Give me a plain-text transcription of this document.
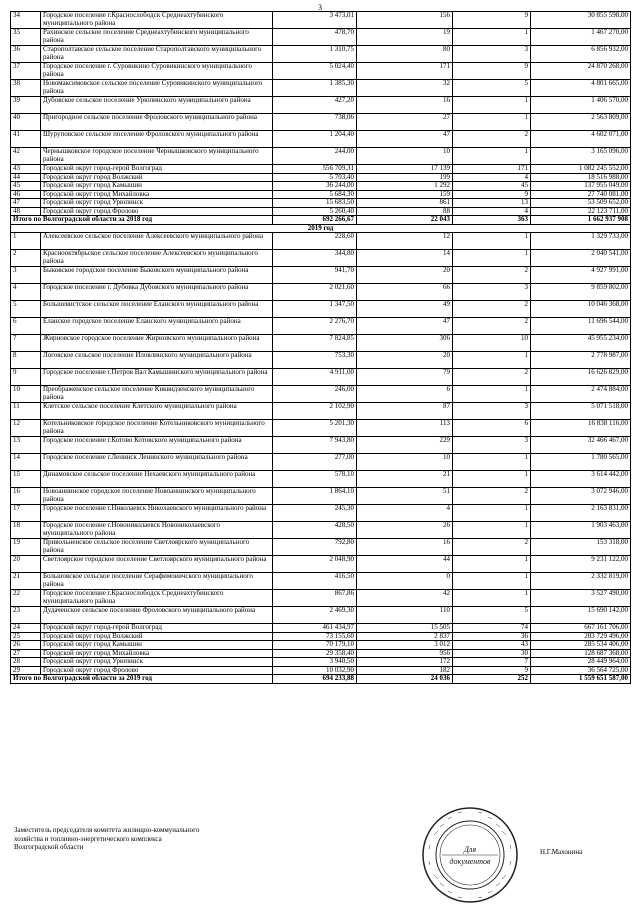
3
34	Городское поселение г.Краснослободск Среднеахтубинского муниципального района	3 473,01	156	9	30 855 598,00
35	Рахинское сельское поселение Среднеахтубинского муниципального района	478,70	19	1	1 467 270,00
36	Старополтавское сельское поселение Старополтавского муниципального района	1 310,75	80	3	6 856 932,00
37	Городское поселение г. Суровикино Суровикинского муниципального района	5 024,40	171	9	24 870 268,00
38	Новомаксимовское сельское поселение Суровикинского муниципального района	1 385,30	32	5	4 801 665,00
39	Дубовское сельское поселение Урюпинского муниципального района	427,20	16	1	1 406 570,00
40	Пригородное сельское поселение Фроловского муниципального района	738,06	27	1	2 563 809,00
41	Шуруповское сельское поселение Фроловского муниципального района	1 204,40	47	2	4 602 071,00
42	Чернышковское городское поселение Чернышковского муниципального района	244,00	10	1	3 165 096,00
43	Городской округ город-герой Волгоград	556 709,31	17 139	171	1 082 245 552,00
44	Городской округ город Волжский	5 703,40	199	4	18 516 988,00
45	Городской округ город Камышин	36 244,00	1 292	45	137 955 049,00
46	Городской округ город Михайловка	5 684,30	159	9	27 740 081,00
47	Городской округ город Урюпинск	15 683,50	861	13	53 509 652,00
48	Городской округ город Фролово	5 260,40	88	4	22 123 711,00
Итого по Волгоградской области за 2018 год		692 266,67	22 043	363	1 662 937 908
2019 год					
1	Алексеевское сельское поселение Алексеевского муниципального района	228,60	12	1	1 329 733,00
2	Краснооктябрьское сельское поселение Алексеевского муниципального района	344,80	14	1	2 040 541,00
3	Быковское городское поселение Быковского муниципального района	941,70	20	2	4 927 991,00
4	Городское поселение г. Дубовка Дубовского муниципального района	2 021,60	66	3	9 859 802,00
5	Большевистское сельское поселение Еланского муниципального района	1 347,50	49	2	10 046 368,00
6	Еланское городское поселение Еланского муниципального района	2 276,70	47	2	11 696 544,00
7	Жирновское городское поселение Жирновского муниципального района	7 824,85	306	10	45 955 234,00
8	Логовское сельское поселение Иловлинского муниципального района	753,30	20	1	2 778 987,00
9	Городское поселение г.Петров Вал Камышинского муниципального района	4 911,00	79	2	16 626 829,00
10	Преображенское сельское поселение Киквидзенского муниципального района	246,00	6	1	2 474 884,00
11	Клетское сельское поселение Клетского муниципального района	2 102,90	87	3	5 071 518,00
12	Котельниковское городское поселение Котельниковского муниципального района	5 201,30	113	6	16 838 116,00
13	Городское поселение г.Котово Котовского муниципального района	7 943,80	229	3	32 466 467,00
14	Городское поселение г.Ленинск Ленинского муниципального района	277,00	10	1	1 780 565,00
15	Динамовское сельское поселение Нехаевского муниципального района	578,10	21	1	3 614 442,00
16	Новоаннинское городское поселение Новоаннинского муниципального района	1 864,10	51	2	3 072 946,00
17	Городское поселение г.Николаевск Николаевского муниципального района	245,30	4	1	2 163 831,00
18	Городское поселение г.Новониколаевск Новониколаевского муниципального района	428,50	26	1	1 903 463,00
19	Привольненское сельское поселение Светлоярского муниципального района	792,80	16	2	153 318,00
20	Светлоярское городское поселение Светлоярского муниципального района	2 048,90	44	1	9 231 122,00
21	Большовское сельское поселение Серафимовичского муниципального района	416,50	0	1	2 332 819,00
22	Городское поселение г.Краснослободск Среднеахтубинского муниципального района	867,86	42	1	3 527 490,00
23	Дудаченское сельское поселение Фроловского муниципального района	2 469,30	110	5	15 690 142,00
24	Городской округ город-герой Волгоград	461 434,97	15 505	74	667 161 706,00
25	Городской округ город Волжский	73 155,60	2 837	36	203 729 496,00
26	Городской округ город Камышин	70 179,10	3 012	43	285 534 406,00
27	Городской округ город Михайловка	29 358,40	956	30	128 687 368,00
28	Городской округ город Урюпинск	3 940,50	172	7	28 449 964,00
29	Городской округ город Фролово	10 032,90	182	9	36 564 725,00
Итого по Волгоградской области за 2019 год		694 233,88	24 036	252	1 559 651 587,00
Заместитель председателя комитета жилищно-коммунального
хозяйства и топливно-энергетического комплекса
Волгоградской области
Н.Г.Махонина
Для
документов
